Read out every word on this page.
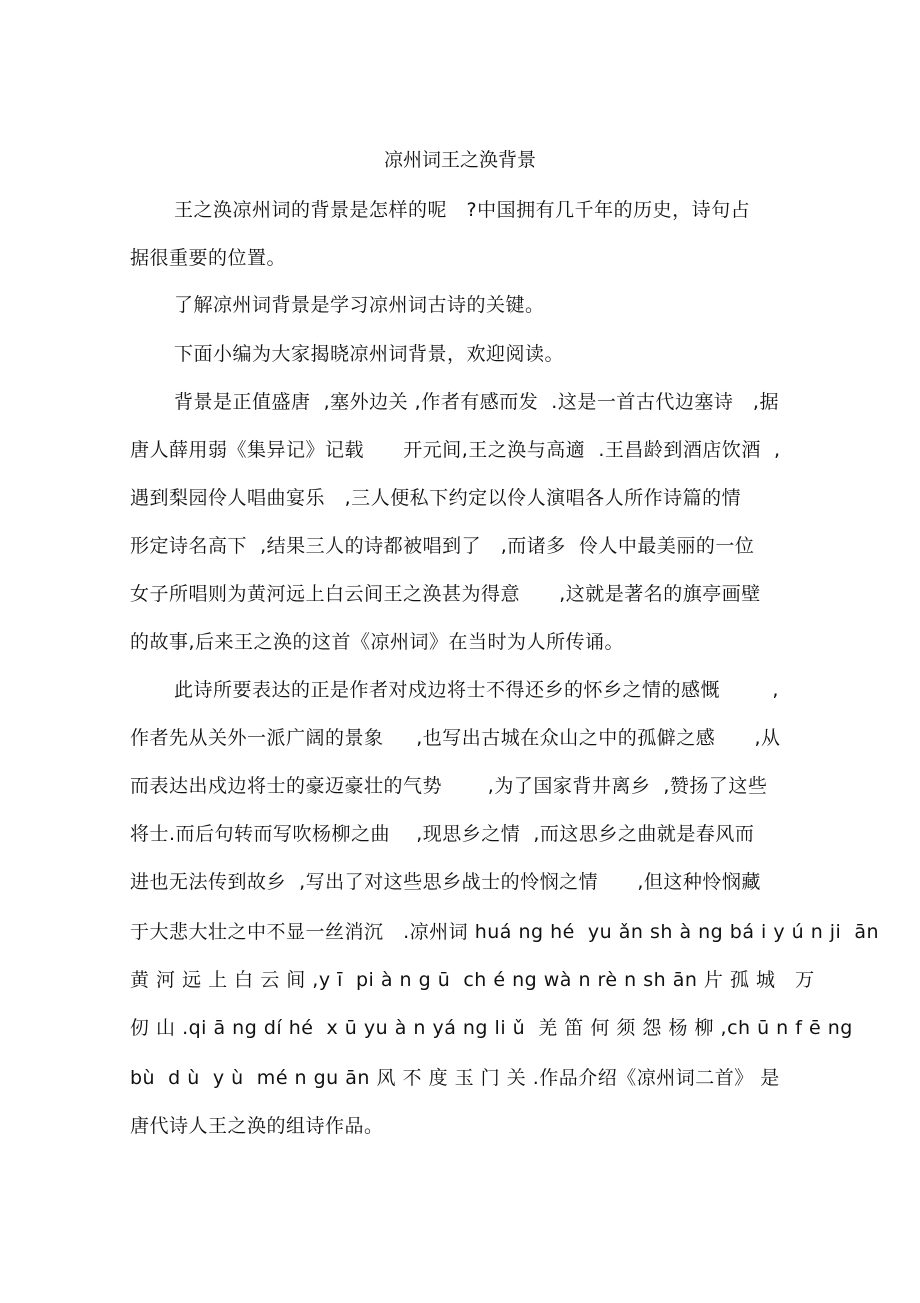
凉州词王之涣背景
王之涣凉州词的背景是怎样的呢　?中国拥有几千年的历史，诗句占
据很重要的位置。
了解凉州词背景是学习凉州词古诗的关键。
下面小编为大家揭晓凉州词背景，欢迎阅读。
背景是正值盛唐  ,塞外边关 ,作者有感而发  .这是一首古代边塞诗   ,据
唐人薛用弱《集异记》记载      开元间,王之涣与高適  .王昌龄到酒店饮酒  ,
遇到梨园伶人唱曲宴乐   ,三人便私下约定以伶人演唱各人所作诗篇的情
形定诗名高下  ,结果三人的诗都被唱到了   ,而诸多  伶人中最美丽的一位
女子所唱则为黄河远上白云间王之涣甚为得意      ,这就是著名的旗亭画壁
的故事,后来王之涣的这首《凉州词》在当时为人所传诵。
此诗所要表达的正是作者对戍边将士不得还乡的怀乡之情的感慨        ,
作者先从关外一派广阔的景象     ,也写出古城在众山之中的孤僻之感      ,从
而表达出戍边将士的豪迈豪壮的气势       ,为了国家背井离乡  ,赞扬了这些
将士.而后句转而写吹杨柳之曲    ,现思乡之情  ,而这思乡之曲就是春风而
进也无法传到故乡  ,写出了对这些思乡战士的怜悯之情      ,但这种怜悯藏
于大悲大壮之中不显一丝消沉   .凉州词 huá ng hé  yu ǎn sh à ng bá i y ú n ji  ān
黄 河 远 上 白 云 间 ,y ī  pi à n g ū  ch é ng wà n rè n sh ān 片 孤 城   万
仞 山 .qi ā ng dí hé  x ū yu à n yá ng li ǔ  羌 笛 何 须 怨 杨 柳 ,ch ū n f ē ng
bù  d ù  y ù  mé n gu ān 风 不 度 玉 门 关 .作品介绍《凉州词二首》 是
唐代诗人王之涣的组诗作品。
